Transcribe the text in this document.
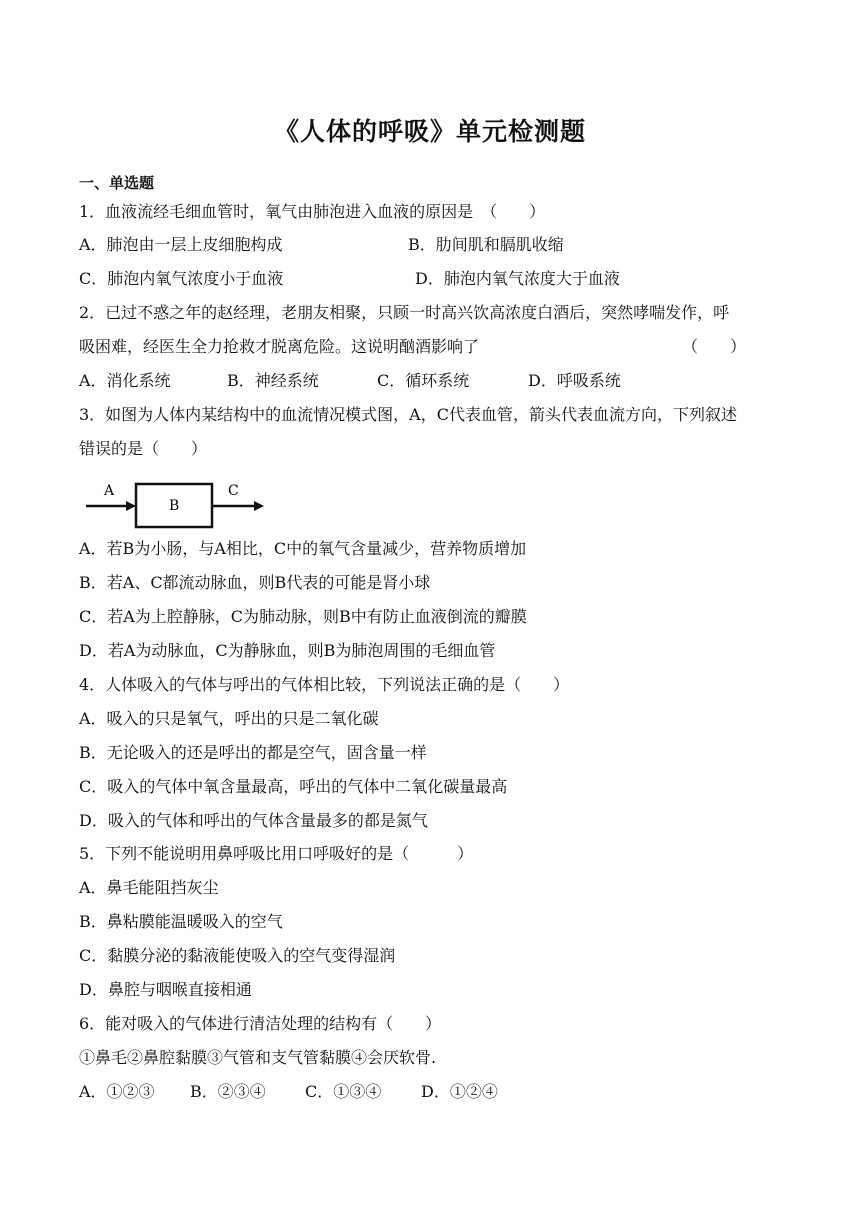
《人体的呼吸》单元检测题
一、单选题
1．血液流经毛细血管时，氧气由肺泡进入血液的原因是　（　　）
A．肺泡由一层上皮细胞构成	B．肋间肌和膈肌收缩
C．肺泡内氧气浓度小于血液	D．肺泡内氧气浓度大于血液
2．已过不惑之年的赵经理，老朋友相聚，只顾一时高兴饮高浓度白酒后，突然哮喘发作，呼
吸困难，经医生全力抢救才脱离危险。这说明酗酒影响了	（　　）
A．消化系统	B．神经系统	C．循环系统	D．呼吸系统
3．如图为人体内某结构中的血流情况模式图，A，C代表血管，箭头代表血流方向，下列叙述
错误的是（　　）
A
B
C
A．若B为小肠，与A相比，C中的氧气含量减少，营养物质增加
B．若A、C都流动脉血，则B代表的可能是肾小球
C．若A为上腔静脉，C为肺动脉，则B中有防止血液倒流的瓣膜
D．若A为动脉血，C为静脉血，则B为肺泡周围的毛细血管
4．人体吸入的气体与呼出的气体相比较，下列说法正确的是（　　）
A．吸入的只是氧气，呼出的只是二氧化碳
B．无论吸入的还是呼出的都是空气，固含量一样
C．吸入的气体中氧含量最高，呼出的气体中二氧化碳量最高
D．吸入的气体和呼出的气体含量最多的都是氮气
5．下列不能说明用鼻呼吸比用口呼吸好的是（　　　）
A．鼻毛能阻挡灰尘
B．鼻粘膜能温暖吸入的空气
C．黏膜分泌的黏液能使吸入的空气变得湿润
D．鼻腔与咽喉直接相通
6．能对吸入的气体进行清洁处理的结构有（　　）
①鼻毛②鼻腔黏膜③气管和支气管黏膜④会厌软骨.
A．①②③ B．②③④ C．①③④ D．①②④
